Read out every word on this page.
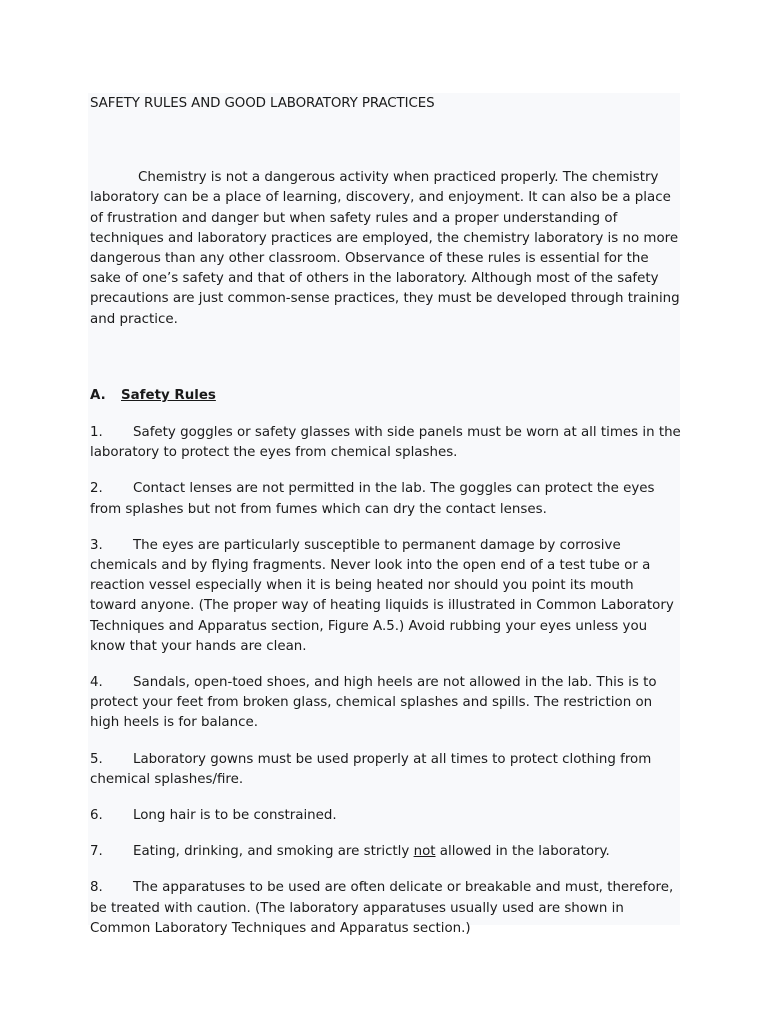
SAFETY RULES AND GOOD LABORATORY PRACTICES

Chemistry is not a dangerous activity when practiced properly. The chemistry laboratory can be a place of learning, discovery, and enjoyment. It can also be a place of frustration and danger but when safety rules and a proper understanding of techniques and laboratory practices are employed, the chemistry laboratory is no more dangerous than any other classroom. Observance of these rules is essential for the sake of one’s safety and that of others in the laboratory. Although most of the safety precautions are just common-sense practices, they must be developed through training and practice.

A. Safety Rules

1. Safety goggles or safety glasses with side panels must be worn at all times in the laboratory to protect the eyes from chemical splashes.

2. Contact lenses are not permitted in the lab. The goggles can protect the eyes from splashes but not from fumes which can dry the contact lenses.

3. The eyes are particularly susceptible to permanent damage by corrosive chemicals and by flying fragments. Never look into the open end of a test tube or a reaction vessel especially when it is being heated nor should you point its mouth toward anyone. (The proper way of heating liquids is illustrated in Common Laboratory Techniques and Apparatus section, Figure A.5.) Avoid rubbing your eyes unless you know that your hands are clean.

4. Sandals, open-toed shoes, and high heels are not allowed in the lab. This is to protect your feet from broken glass, chemical splashes and spills. The restriction on high heels is for balance.

5. Laboratory gowns must be used properly at all times to protect clothing from chemical splashes/fire.

6. Long hair is to be constrained.

7. Eating, drinking, and smoking are strictly not allowed in the laboratory.

8. The apparatuses to be used are often delicate or breakable and must, therefore, be treated with caution. (The laboratory apparatuses usually used are shown in Common Laboratory Techniques and Apparatus section.)
